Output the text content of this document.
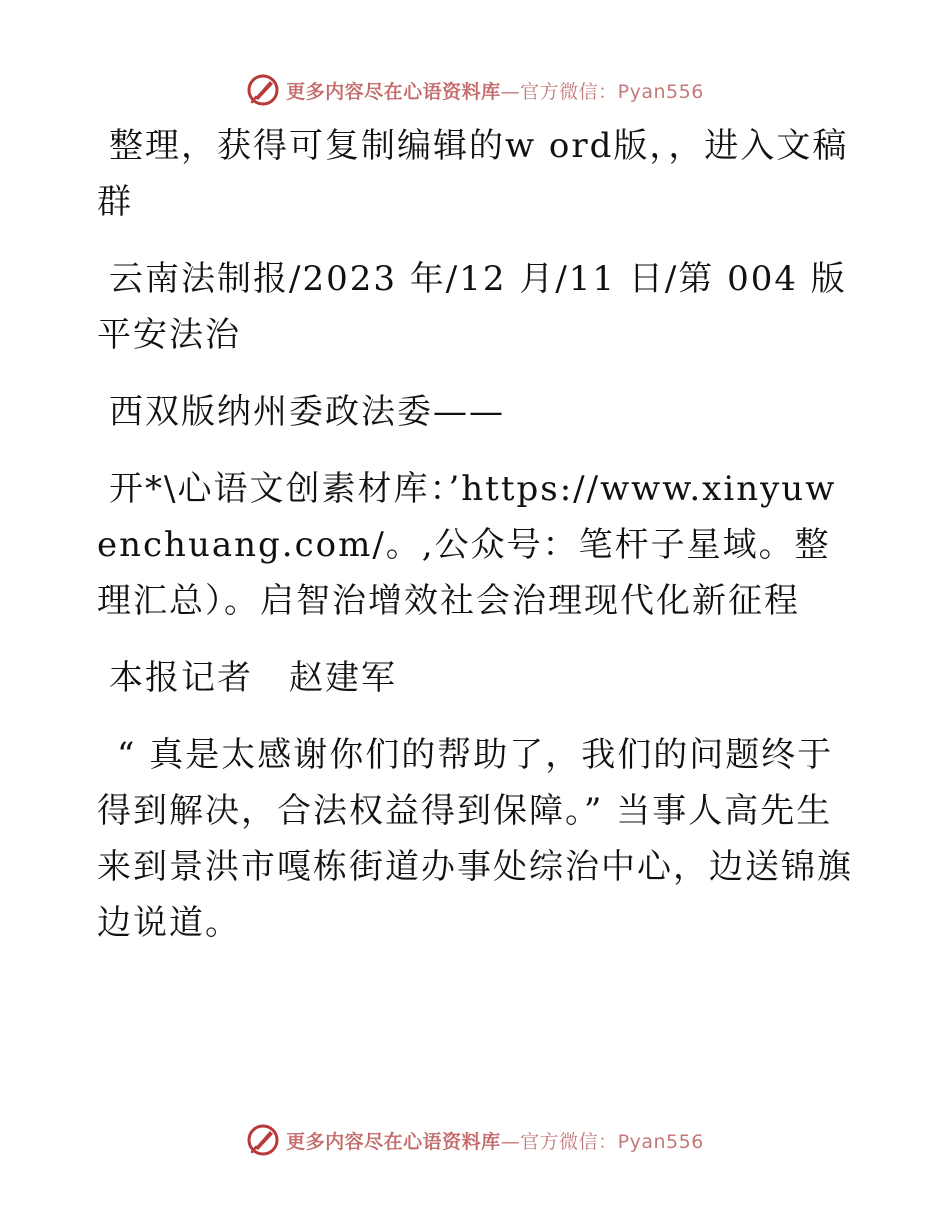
更多内容尽在心语资料库—官方微信：Pyan556

整理，获得可复制编辑的w ord版，，进入文稿群

云南法制报/2023 年/12 月/11 日/第 004 版平安法治

西双版纳州委政法委——

开*\心语文创素材库：’https://www.xinyuwenchuang.com/。,公众号：笔杆子星域。整理汇总）。启智治增效社会治理现代化新征程

本报记者　赵建军

“ 真是太感谢你们的帮助了，我们的问题终于得到解决，合法权益得到保障。” 当事人高先生来到景洪市嘎栋街道办事处综治中心，边送锦旗边说道。

更多内容尽在心语资料库—官方微信：Pyan556
